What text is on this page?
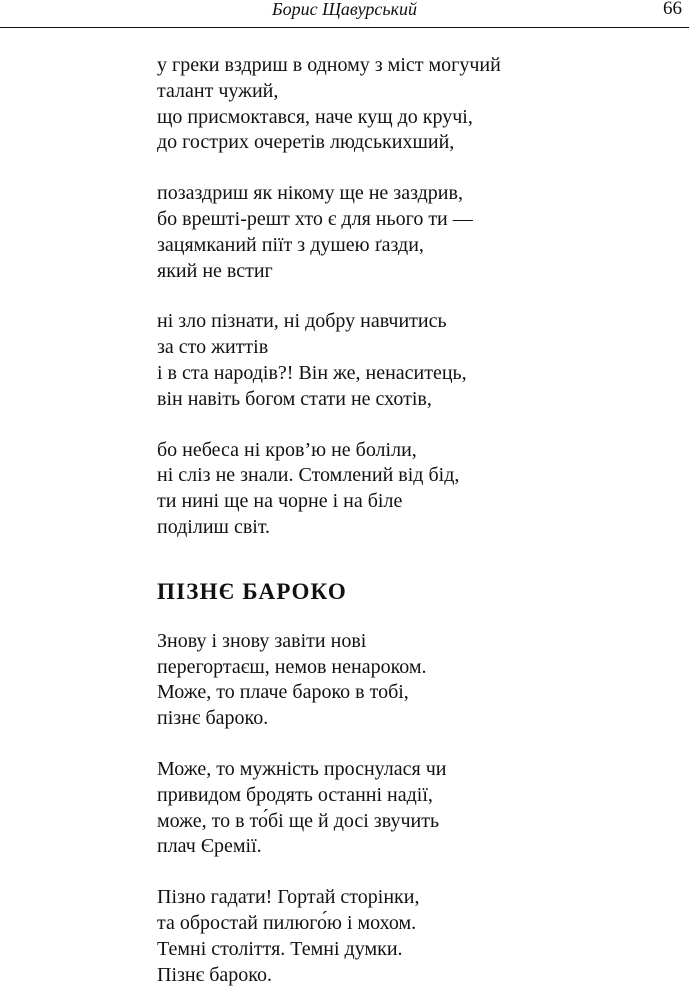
Борис Щавурський	66
у греки вздриш в одному з міст могучий
талант чужий,
що присмоктався, наче кущ до кручі,
до гострих очеретів людськихший,
позаздриш як нікому ще не заздрив,
бо врешті-решт хто є для нього ти —
зацямканий піїт з душею ґазди,
який не встиг
ні зло пізнати, ні добру навчитись
за сто життів
і в ста народів?! Він же, ненаситець,
він навіть богом стати не схотів,
бо небеса ні кров’ю не боліли,
ні сліз не знали. Стомлений від бід,
ти нині ще на чорне і на біле
поділиш світ.
ПІЗНЄ БАРОКО
Знову і знову завіти нові
перегортаєш, немов ненароком.
Може, то плаче бароко в тобі,
пізнє бароко.
Може, то мужність проснулася чи
привидом бродять останні надії,
може, то в то́бі ще й досі звучить
плач Єремії.
Пізно гадати! Гортай сторінки,
та обростай пилюго́ю і мохом.
Темні століття. Темні думки.
Пізнє бароко.
